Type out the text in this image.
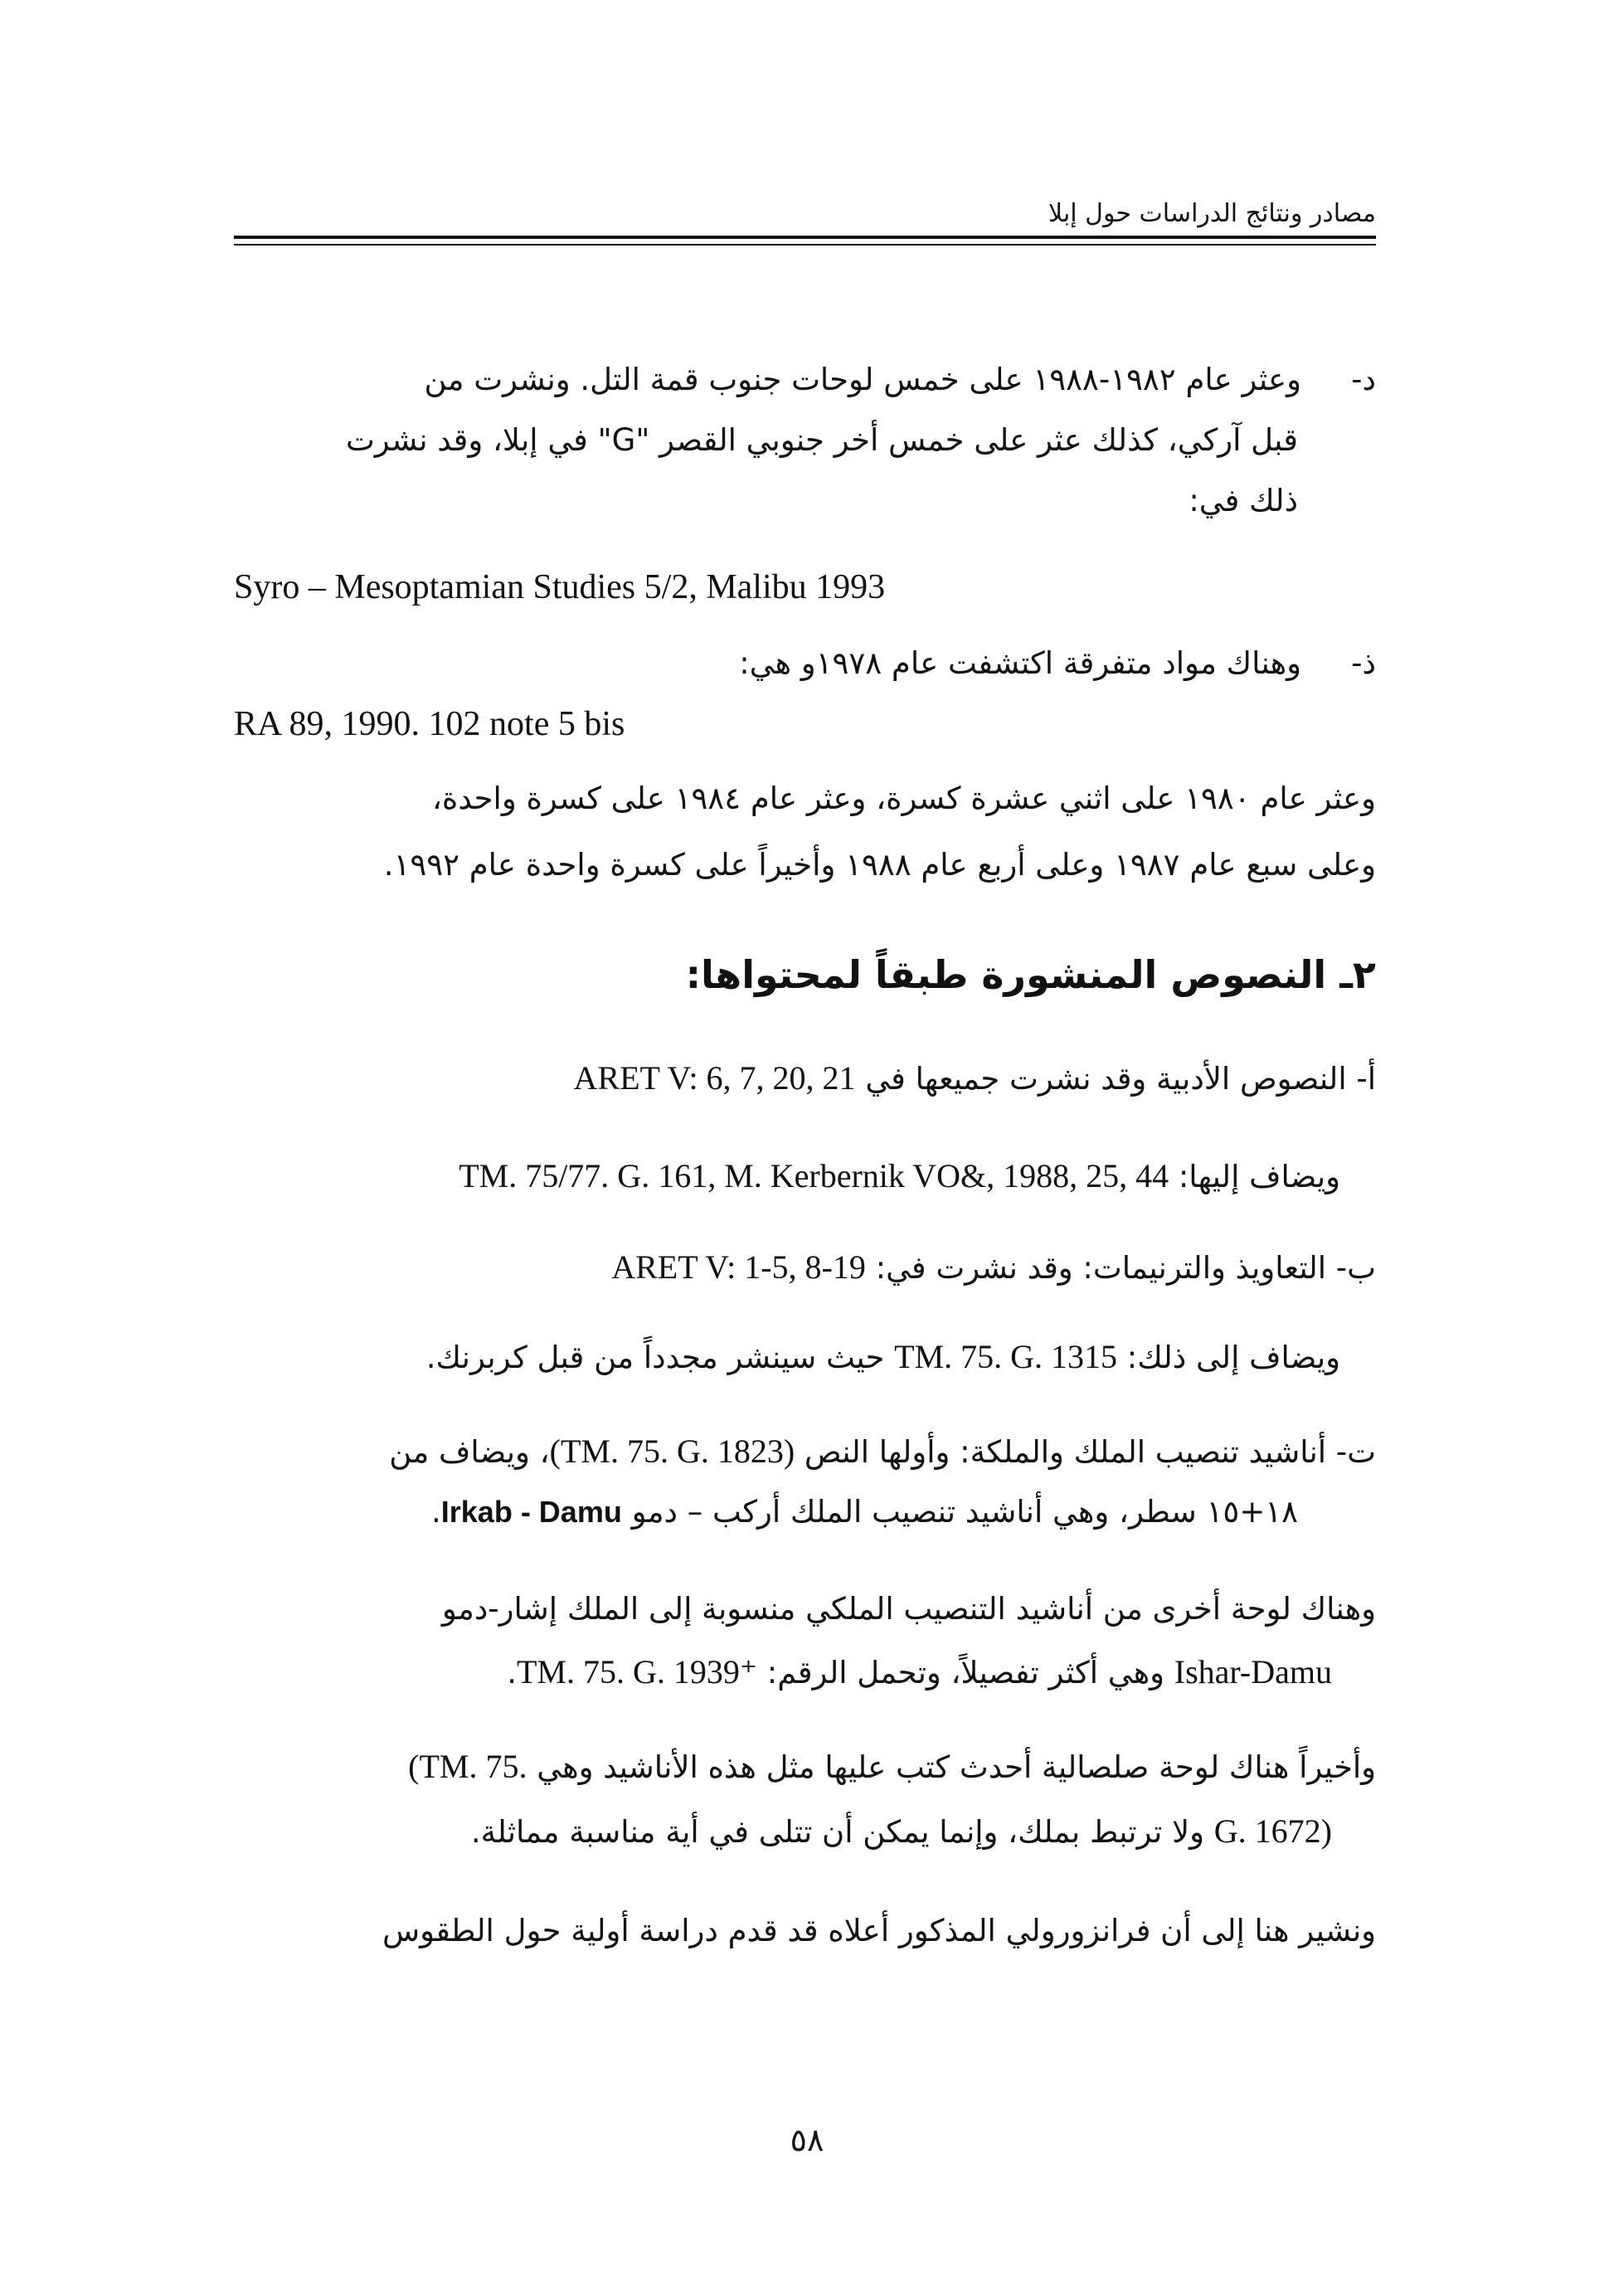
مصادر ونتائج الدراسات حول إبلا
د-وعثر عام ١٩٨٢-١٩٨٨ على خمس لوحات جنوب قمة التل. ونشرت من
قبل آركي، كذلك عثر على خمس أخر جنوبي القصر "G" في إبلا، وقد نشرت
ذلك في:
Syro – Mesoptamian Studies 5/2, Malibu 1993
ذ-وهناك مواد متفرقة اكتشفت عام ١٩٧٨و هي:
RA 89, 1990. 102 note 5 bis
وعثر عام ١٩٨٠ على اثني عشرة كسرة، وعثر عام ١٩٨٤ على كسرة واحدة،
وعلى سبع عام ١٩٨٧ وعلى أربع عام ١٩٨٨ وأخيراً على كسرة واحدة عام ١٩٩٢.
٢ـ النصوص المنشورة طبقاً لمحتواها:
أ- النصوص الأدبية وقد نشرت جميعها في ARET V: 6, 7, 20, 21
ويضاف إليها: TM. 75/77. G. 161, M. Kerbernik VO&, 1988, 25, 44
ب- التعاويذ والترنيمات: وقد نشرت في: ARET V: 1-5, 8-19
ويضاف إلى ذلك: TM. 75. G. 1315 حيث سينشر مجدداً من قبل كربرنك.
ت- أناشيد تنصيب الملك والملكة: وأولها النص (TM. 75. G. 1823)، ويضاف من
١٨+١٥ سطر، وهي أناشيد تنصيب الملك أركب – دمو Irkab - Damu.
وهناك لوحة أخرى من أناشيد التنصيب الملكي منسوبة إلى الملك إشار-دمو
Ishar-Damu وهي أكثر تفصيلاً، وتحمل الرقم: TM. 75. G. 1939⁺.
وأخيراً هناك لوحة صلصالية أحدث كتب عليها مثل هذه الأناشيد وهي (TM. 75.
G. 1672) ولا ترتبط بملك، وإنما يمكن أن تتلى في أية مناسبة مماثلة.
ونشير هنا إلى أن فرانزورولي المذكور أعلاه قد قدم دراسة أولية حول الطقوس
٥٨
